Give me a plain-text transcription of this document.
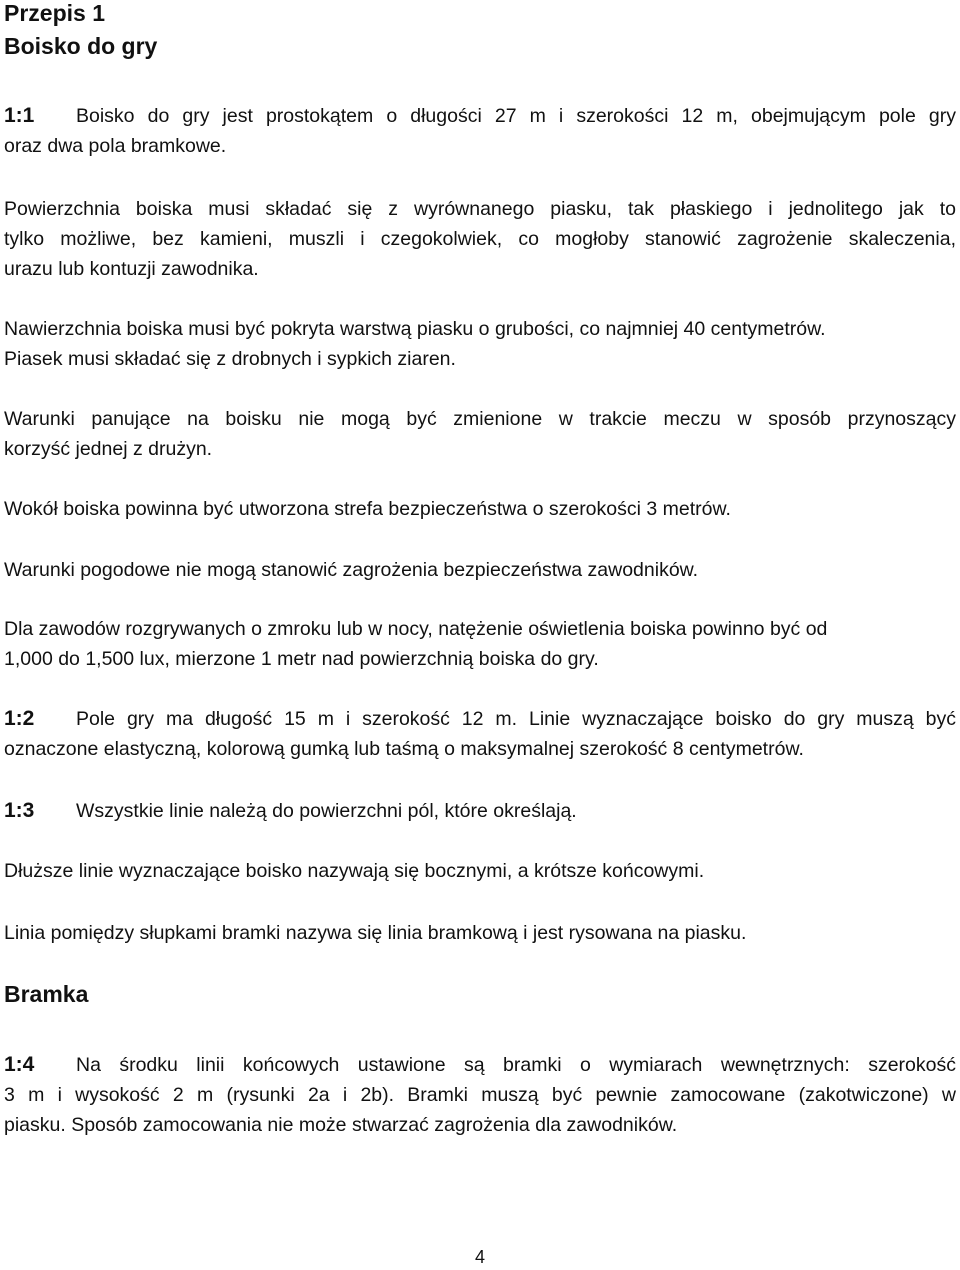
Przepis 1
Boisko do gry
1:1 Boisko do gry jest prostokątem o długości 27 m i szerokości 12 m, obejmującym pole gry
oraz dwa pola bramkowe.
Powierzchnia boiska musi składać się z wyrównanego piasku, tak płaskiego i jednolitego jak to
tylko możliwe, bez kamieni, muszli i czegokolwiek, co mogłoby stanowić zagrożenie skaleczenia,
urazu lub kontuzji zawodnika.
Nawierzchnia boiska musi być pokryta warstwą piasku o grubości, co najmniej 40 centymetrów.
Piasek musi składać się z drobnych i sypkich ziaren.
Warunki panujące na boisku nie mogą być zmienione w trakcie meczu w sposób przynoszący
korzyść jednej z drużyn.
Wokół boiska powinna być utworzona strefa bezpieczeństwa o szerokości 3 metrów.
Warunki pogodowe nie mogą stanowić zagrożenia bezpieczeństwa zawodników.
Dla zawodów rozgrywanych o zmroku lub w nocy, natężenie oświetlenia boiska powinno być od
1,000 do 1,500 lux, mierzone 1 metr nad powierzchnią boiska do gry.
1:2 Pole gry ma długość 15 m i szerokość 12 m. Linie wyznaczające boisko do gry muszą być
oznaczone elastyczną, kolorową gumką lub taśmą o maksymalnej szerokość 8 centymetrów.
1:3 Wszystkie linie należą do powierzchni pól, które określają.
Dłuższe linie wyznaczające boisko nazywają się bocznymi, a krótsze końcowymi.
Linia pomiędzy słupkami bramki nazywa się linia bramkową i jest rysowana na piasku.
Bramka
1:4 Na środku linii końcowych ustawione są bramki o wymiarach wewnętrznych: szerokość
3 m i wysokość 2 m (rysunki 2a i 2b). Bramki muszą być pewnie zamocowane (zakotwiczone) w
piasku. Sposób zamocowania nie może stwarzać zagrożenia dla zawodników.
4
